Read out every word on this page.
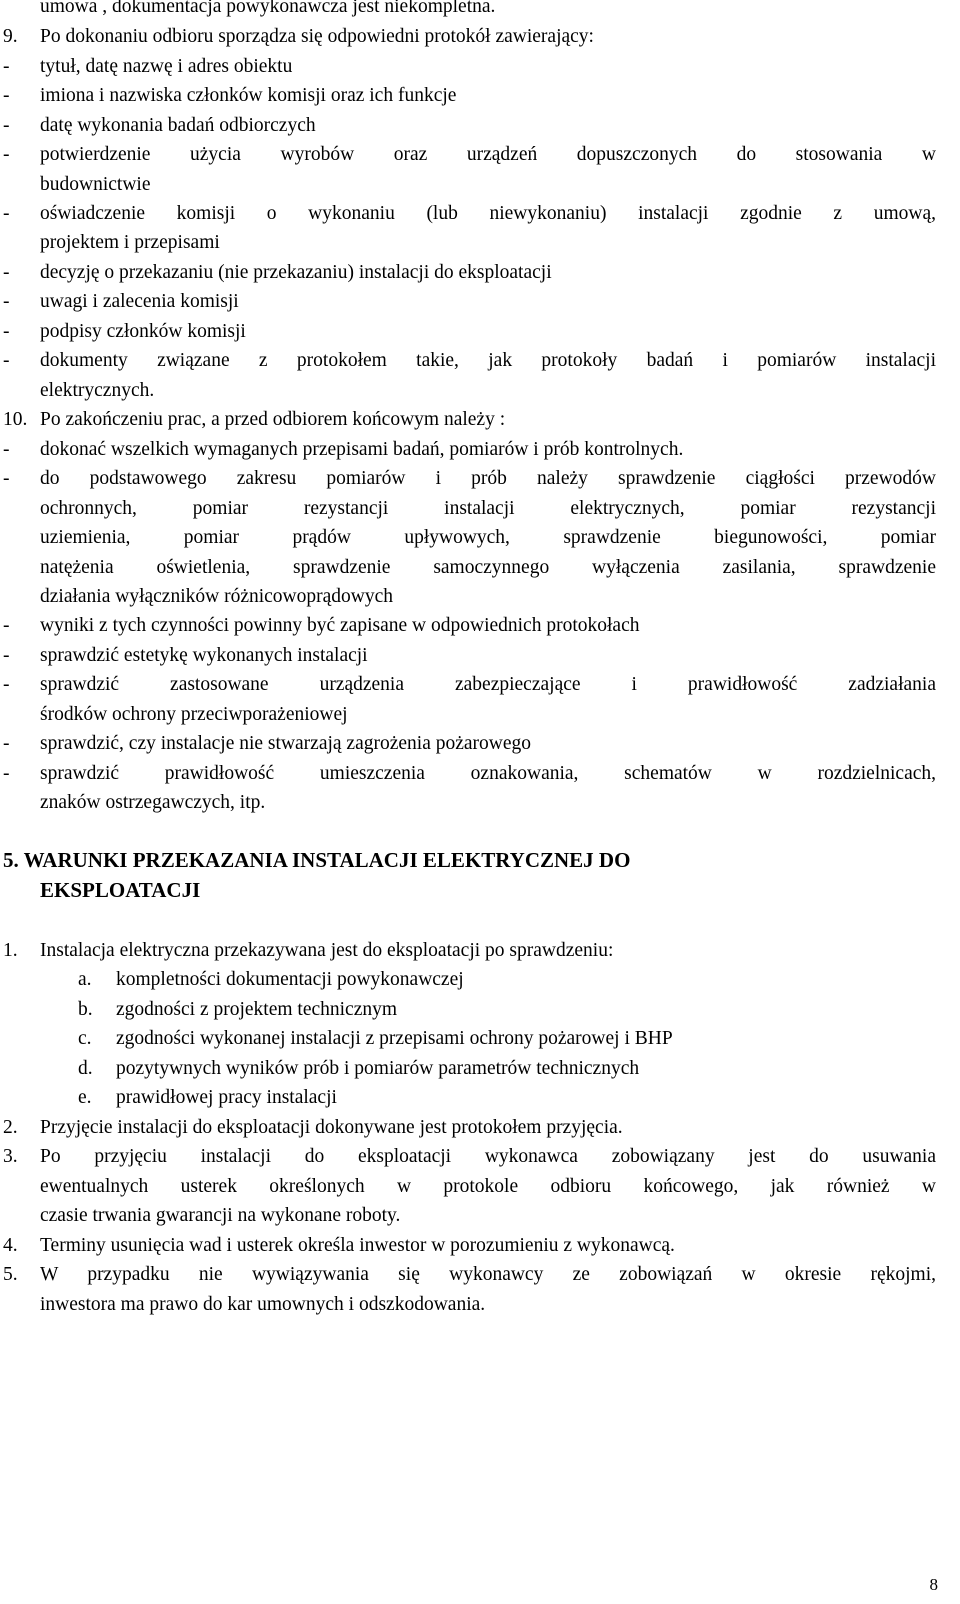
umowa , dokumentacja powykonawcza jest niekompletna.
9. Po dokonaniu odbioru sporządza się odpowiedni protokół zawierający:
- tytuł, datę nazwę i adres obiektu
- imiona i nazwiska członków komisji oraz ich funkcje
- datę wykonania badań odbiorczych
- potwierdzenie użycia wyrobów oraz urządzeń dopuszczonych do stosowania w
budownictwie
- oświadczenie komisji o wykonaniu (lub niewykonaniu) instalacji zgodnie z umową,
projektem i przepisami
- decyzję o przekazaniu (nie przekazaniu) instalacji do eksploatacji
- uwagi i zalecenia komisji
- podpisy członków komisji
- dokumenty związane z protokołem takie, jak protokoły badań i pomiarów instalacji
elektrycznych.
10. Po zakończeniu prac, a przed odbiorem końcowym należy :
- dokonać wszelkich wymaganych przepisami badań, pomiarów i prób kontrolnych.
- do podstawowego zakresu pomiarów i prób należy sprawdzenie ciągłości przewodów
ochronnych, pomiar rezystancji instalacji elektrycznych, pomiar rezystancji
uziemienia, pomiar prądów upływowych, sprawdzenie biegunowości, pomiar
natężenia oświetlenia, sprawdzenie samoczynnego wyłączenia zasilania, sprawdzenie
działania wyłączników różnicowoprądowych
- wyniki z tych czynności powinny być zapisane w odpowiednich protokołach
- sprawdzić estetykę wykonanych instalacji
- sprawdzić zastosowane urządzenia zabezpieczające i prawidłowość zadziałania
środków ochrony przeciwporażeniowej
- sprawdzić, czy instalacje nie stwarzają zagrożenia pożarowego
- sprawdzić prawidłowość umieszczenia oznakowania, schematów w rozdzielnicach,
znaków ostrzegawczych, itp.
5. WARUNKI PRZEKAZANIA INSTALACJI ELEKTRYCZNEJ DO
EKSPLOATACJI
1. Instalacja elektryczna przekazywana jest do eksploatacji po sprawdzeniu:
a. kompletności dokumentacji powykonawczej
b. zgodności z projektem technicznym
c. zgodności wykonanej instalacji z przepisami ochrony pożarowej i BHP
d. pozytywnych wyników prób i pomiarów parametrów technicznych
e. prawidłowej pracy instalacji
2. Przyjęcie instalacji do eksploatacji dokonywane jest protokołem przyjęcia.
3. Po przyjęciu instalacji do eksploatacji wykonawca zobowiązany jest do usuwania
ewentualnych usterek określonych w protokole odbioru końcowego, jak również w
czasie trwania gwarancji na wykonane roboty.
4. Terminy usunięcia wad i usterek określa inwestor w porozumieniu z wykonawcą.
5. W przypadku nie wywiązywania się wykonawcy ze zobowiązań w okresie rękojmi,
inwestora ma prawo do kar umownych i odszkodowania.
8
